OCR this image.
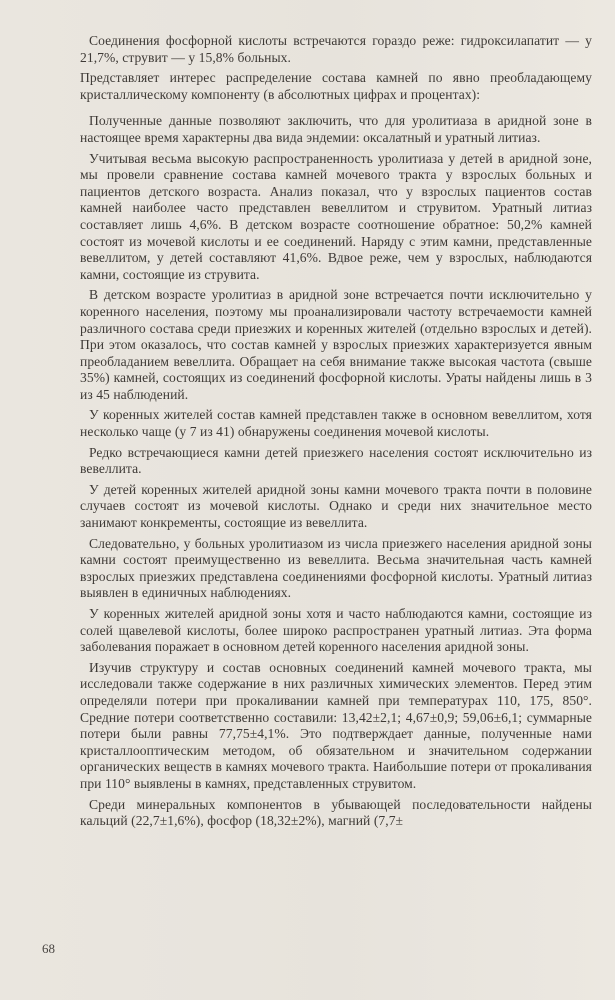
Соединения фосфорной кислоты встречаются гораздо реже: гидроксилапатит — у 21,7%, струвит — у 15,8% больных.

Представляет интерес распределение состава камней по явно преобладающему кристаллическому компоненту (в абсолютных цифрах и процентах):

Полученные данные позволяют заключить, что для уролитиаза в аридной зоне в настоящее время характерны два вида эндемии: оксалатный и уратный литиаз.

Учитывая весьма высокую распространенность уролитиаза у детей в аридной зоне, мы провели сравнение состава камней мочевого тракта у взрослых больных и пациентов детского возраста. Анализ показал, что у взрослых пациентов состав камней наиболее часто представлен вевеллитом и струвитом. Уратный литиаз составляет лишь 4,6%. В детском возрасте соотношение обратное: 50,2% камней состоят из мочевой кислоты и ее соединений. Наряду с этим камни, представленные вевеллитом, у детей составляют 41,6%. Вдвое реже, чем у взрослых, наблюдаются камни, состоящие из струвита.

В детском возрасте уролитиаз в аридной зоне встречается почти исключительно у коренного населения, поэтому мы проанализировали частоту встречаемости камней различного состава среди приезжих и коренных жителей (отдельно взрослых и детей). При этом оказалось, что состав камней у взрослых приезжих характеризуется явным преобладанием вевеллита. Обращает на себя внимание также высокая частота (свыше 35%) камней, состоящих из соединений фосфорной кислоты. Ураты найдены лишь в 3 из 45 наблюдений.

У коренных жителей состав камней представлен также в основном вевеллитом, хотя несколько чаще (у 7 из 41) обнаружены соединения мочевой кислоты.

Редко встречающиеся камни детей приезжего населения состоят исключительно из вевеллита.

У детей коренных жителей аридной зоны камни мочевого тракта почти в половине случаев состоят из мочевой кислоты. Однако и среди них значительное место занимают конкременты, состоящие из вевеллита.

Следовательно, у больных уролитиазом из числа приезжего населения аридной зоны камни состоят преимущественно из вевеллита. Весьма значительная часть камней взрослых приезжих представлена соединениями фосфорной кислоты. Уратный литиаз выявлен в единичных наблюдениях.

У коренных жителей аридной зоны хотя и часто наблюдаются камни, состоящие из солей щавелевой кислоты, более широко распространен уратный литиаз. Эта форма заболевания поражает в основном детей коренного населения аридной зоны.

Изучив структуру и состав основных соединений камней мочевого тракта, мы исследовали также содержание в них различных химических элементов. Перед этим определяли потери при прокаливании камней при температурах 110, 175, 850°. Средние потери соответственно составили: 13,42±2,1; 4,67±0,9; 59,06±6,1; суммарные потери были равны 77,75±4,1%. Это подтверждает данные, полученные нами кристаллооптическим методом, об обязательном и значительном содержании органических веществ в камнях мочевого тракта. Наибольшие потери от прокаливания при 110° выявлены в камнях, представленных струвитом.

Среди минеральных компонентов в убывающей последовательности найдены кальций (22,7±1,6%), фосфор (18,32±2%), магний (7,7±

68
